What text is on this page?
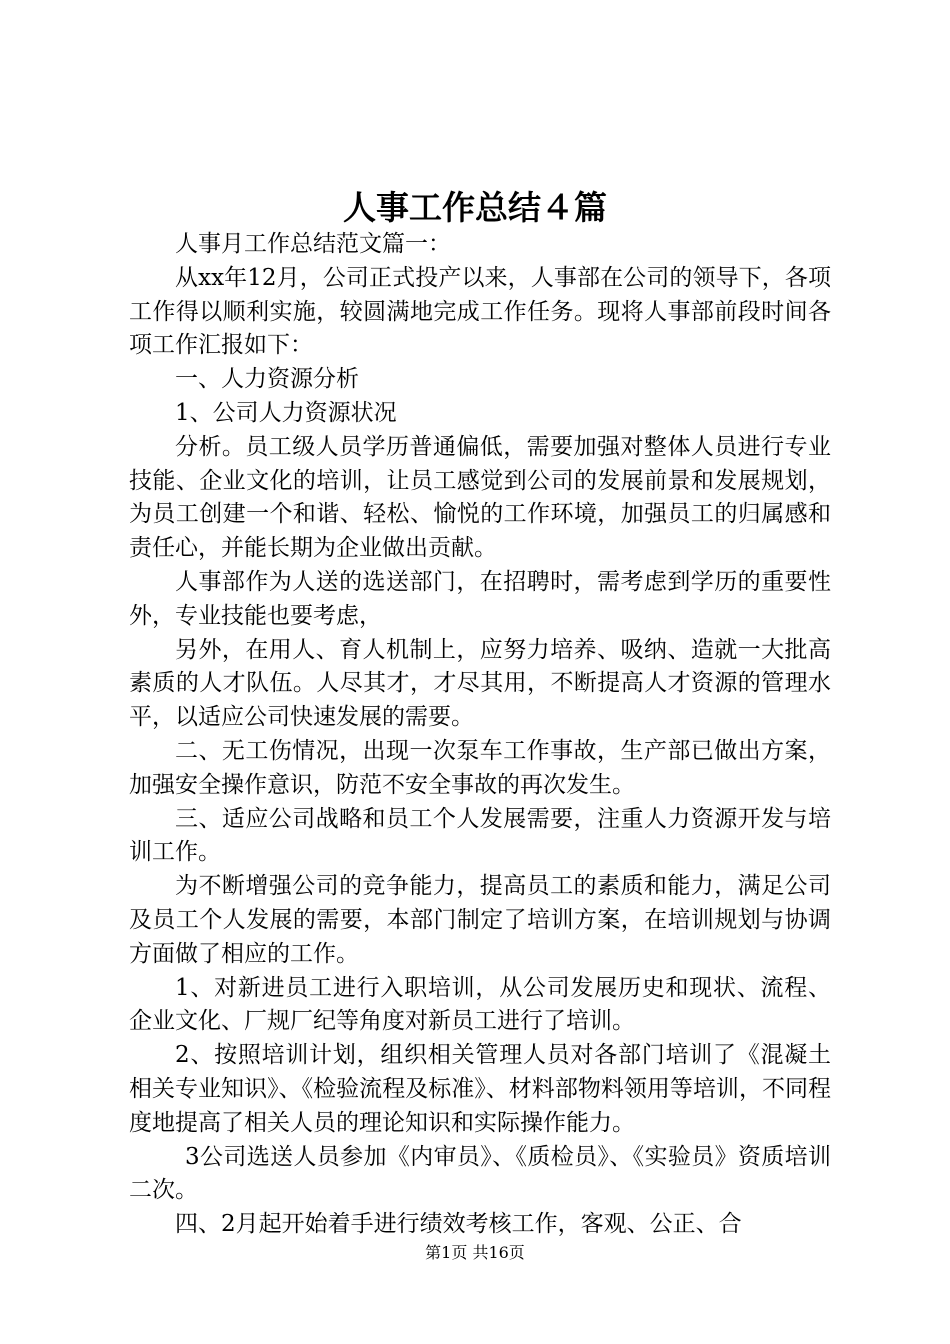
人事工作总结４篇

人事月工作总结范文篇一：

从xx年12月，公司正式投产以来，人事部在公司的领导下，各项工作得以顺利实施，较圆满地完成工作任务。现将人事部前段时间各项工作汇报如下：

一、人力资源分析

1、公司人力资源状况

分析。员工级人员学历普通偏低，需要加强对整体人员进行专业技能、企业文化的培训，让员工感觉到公司的发展前景和发展规划，为员工创建一个和谐、轻松、愉悦的工作环境，加强员工的归属感和责任心，并能长期为企业做出贡献。

人事部作为人送的选送部门，在招聘时，需考虑到学历的重要性外，专业技能也要考虑，

另外，在用人、育人机制上，应努力培养、吸纳、造就一大批高素质的人才队伍。人尽其才，才尽其用，不断提高人才资源的管理水平，以适应公司快速发展的需要。

二、无工伤情况，出现一次泵车工作事故，生产部已做出方案，加强安全操作意识，防范不安全事故的再次发生。

三、适应公司战略和员工个人发展需要，注重人力资源开发与培训工作。

为不断增强公司的竞争能力，提高员工的素质和能力，满足公司及员工个人发展的需要，本部门制定了培训方案，在培训规划与协调方面做了相应的工作。

1、对新进员工进行入职培训，从公司发展历史和现状、流程、企业文化、厂规厂纪等角度对新员工进行了培训。

2、按照培训计划，组织相关管理人员对各部门培训了《混凝土相关专业知识》、《检验流程及标准》、材料部物料领用等培训，不同程度地提高了相关人员的理论知识和实际操作能力。

3公司选送人员参加《内审员》、《质检员》、《实验员》资质培训二次。

四、2月起开始着手进行绩效考核工作，客观、公正、合

第1页 共16页
